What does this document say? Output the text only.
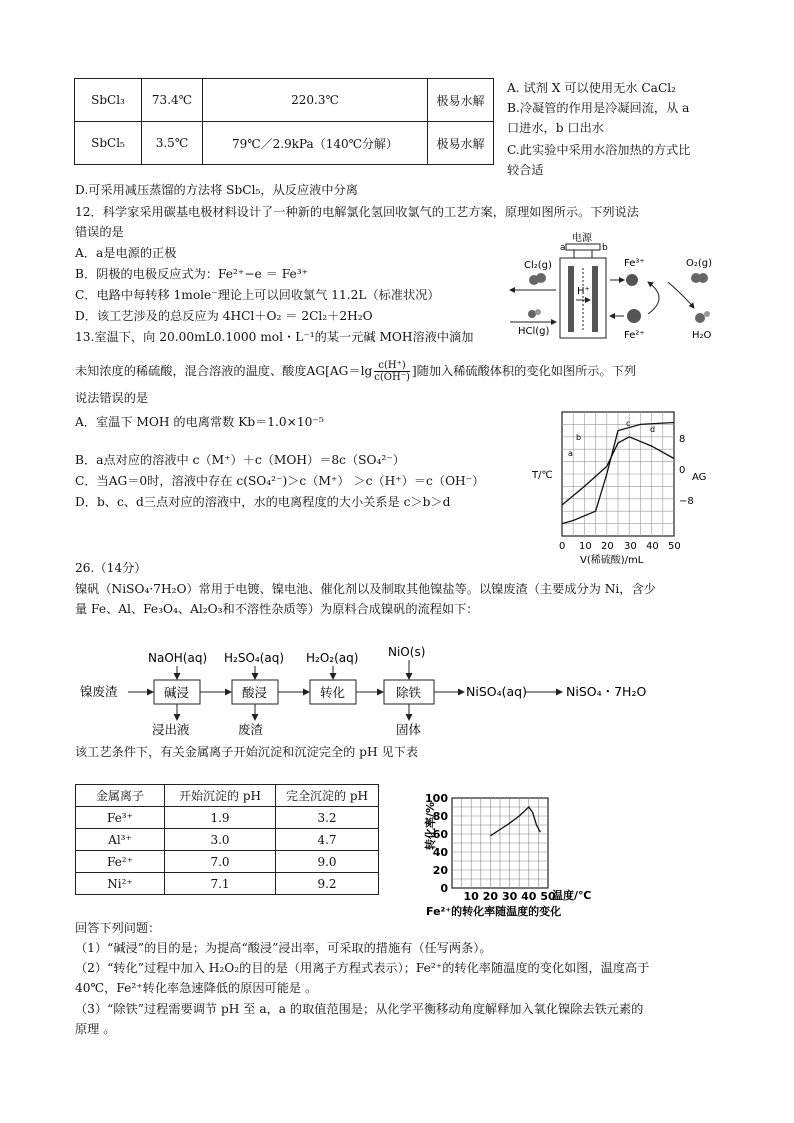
SbCl₃	73.4℃	220.3℃	极易水解
SbCl₅	3.5℃	79℃／2.9kPa（140℃分解）	极易水解
A. 试剂 X 可以使用无水 CaCl₂
B.冷凝管的作用是冷凝回流，从 a
口进水，b 口出水
C.此实验中采用水浴加热的方式比
较合适
D.可采用减压蒸馏的方法将 SbCl₅，从反应液中分离
12．科学家采用碳基电极材料设计了一种新的电解氯化氢回收氯气的工艺方案，原理如图所示。下列说法
错误的是
A．a是电源的正极
B．阴极的电极反应式为：Fe²⁺−e ＝ Fe³⁺
C．电路中每转移 1mole⁻理论上可以回收氯气 11.2L（标准状况）
D．该工艺涉及的总反应为 4HCl＋O₂ ＝ 2Cl₂＋2H₂O
电源
a	b
H⁺
Cl₂(g)
HCl(g)
Fe³⁺
Fe²⁺
O₂(g)
H₂O
13.室温下，向 20.00mL0.1000 mol・L⁻¹的某一元碱 MOH溶液中滴加
未知浓度的稀硫酸，混合溶液的温度、酸度$AG[AG=\lg \frac{c(H^+)}{c(OH^-)}$ ]随加入稀硫酸体积的变化如图所示。下列
说法错误的是
A．室温下 MOH 的电离常数 Kb＝1.0×10⁻⁵
B．a点对应的溶液中 c（M⁺）＋c（MOH）＝8c（SO₄²⁻）
C．当AG＝0时，溶液中存在 c(SO₄²⁻)＞c（M⁺） ＞c（H⁺）＝c（OH⁻）
D．b、c、d三点对应的溶液中，水的电离程度的大小关系是 c＞b＞d
T/℃	AG
8
0
−8
0 10 20 30 40 50
V(稀硫酸)/mL
a
b
c
d
26.（14分）
镍矾（NiSO₄·7H₂O）常用于电镀、镍电池、催化剂以及制取其他镍盐等。以镍废渣（主要成分为 Ni，含少
量 Fe、Al、Fe₃O₄、Al₂O₃和不溶性杂质等）为原料合成镍矾的流程如下：
镍废渣	碱浸	酸浸	转化	除铁	NiSO₄(aq)	NiSO₄・7H₂O
NaOH(aq) H₂SO₄(aq) H₂O₂(aq) NiO(s)
浸出液	废渣	固体
该工艺条件下，有关金属离子开始沉淀和沉淀完全的 pH 见下表
金属离子	开始沉淀的 pH	完全沉淀的 pH
Fe³⁺	1.9	3.2
Al³⁺	3.0	4.7
Fe²⁺	7.0	9.0
Ni²⁺	7.1	9.2
转化率/%
0
20
40
60
80
100
10 20 30 40 50
温度/℃
Fe²⁺的转化率随温度的变化
回答下列问题：
（1）“碱浸”的目的是；为提高“酸浸”浸出率，可采取的措施有（任写两条）。
（2）“转化”过程中加入 H₂O₂的目的是（用离子方程式表示）；Fe²⁺的转化率随温度的变化如图，温度高于
40℃，Fe²⁺转化率急速降低的原因可能是 。
（3）“除铁”过程需要调节 pH 至 a，a 的取值范围是；从化学平衡移动角度解释加入氧化镍除去铁元素的
原理 。
